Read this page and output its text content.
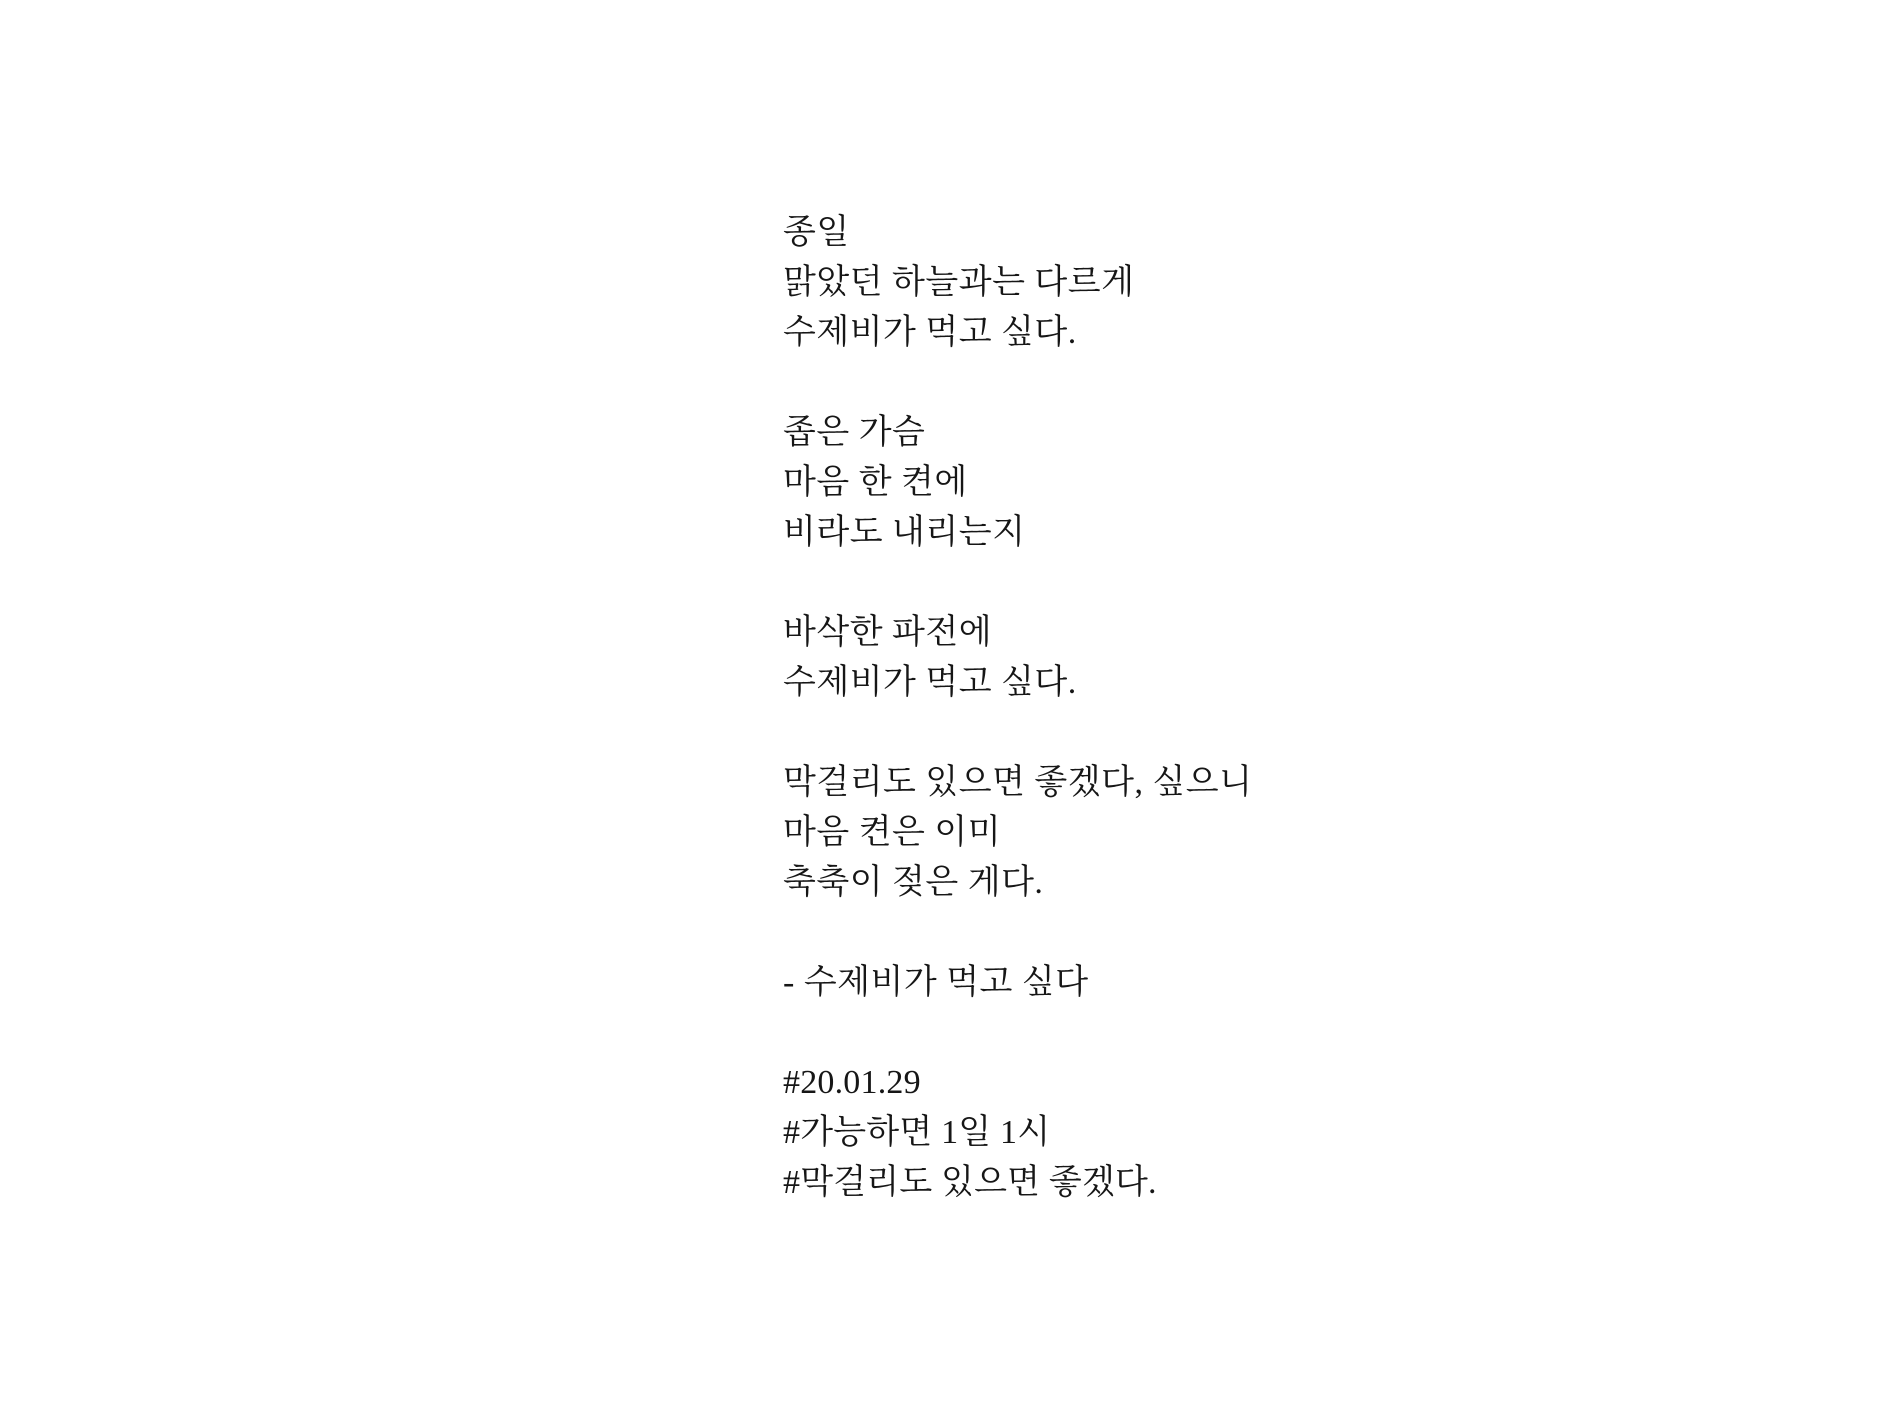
종일
맑았던 하늘과는 다르게
수제비가 먹고 싶다.
좁은 가슴
마음 한 켠에
비라도 내리는지
바삭한 파전에
수제비가 먹고 싶다.
막걸리도 있으면 좋겠다, 싶으니
마음 켠은 이미
축축이 젖은 게다.
- 수제비가 먹고 싶다
#20.01.29
#가능하면 1일 1시
#막걸리도 있으면 좋겠다.
